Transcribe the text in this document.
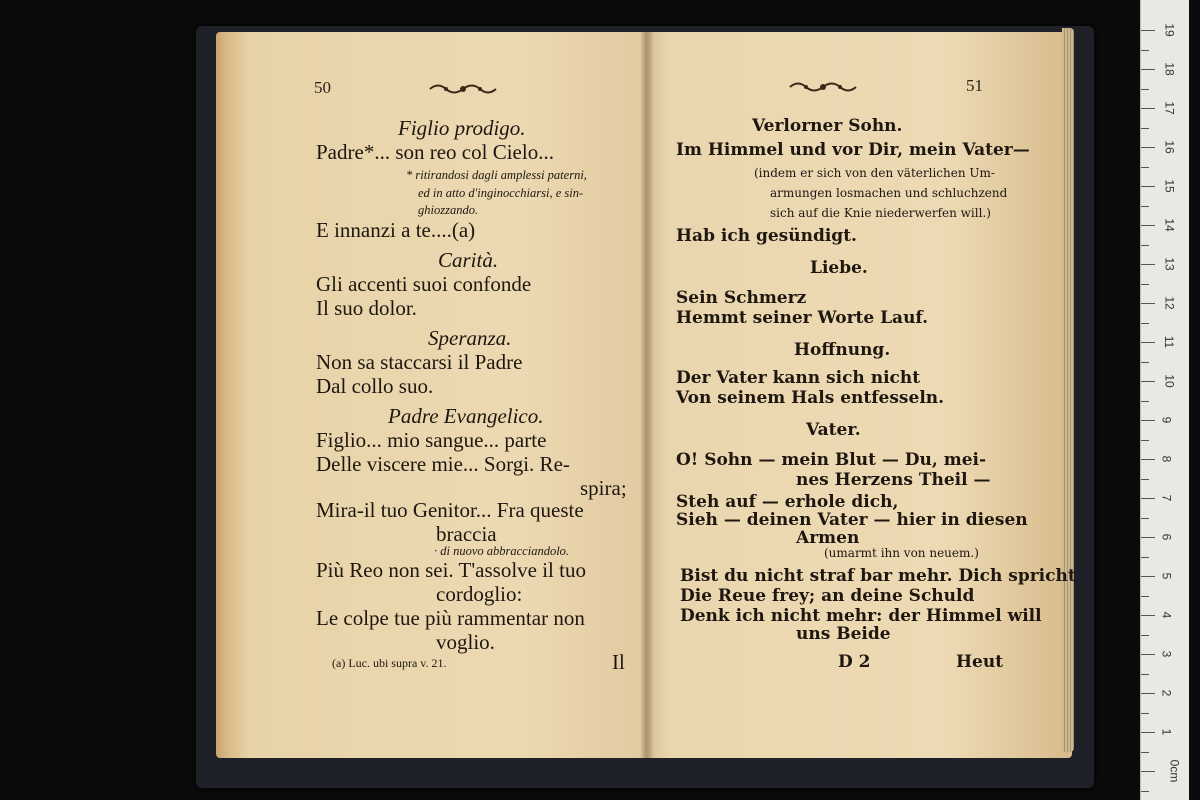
50
Figlio prodigo.
Padre*... son reo col Cielo...
* ritirandosi dagli amplessi paterni,
ed in atto d'inginocchiarsi, e sin-
ghiozzando.
E innanzi a te....(a)
Carità.
Gli accenti suoi confonde
Il suo dolor.
Speranza.
Non sa staccarsi il Padre
Dal collo suo.
Padre Evangelico.
Figlio... mio sangue... parte
Delle viscere mie... Sorgi. Re-
spira;
Mira-il tuo Genitor... Fra queste
braccia
· di nuovo abbracciandolo.
Più Reo non sei. T'assolve il tuo
cordoglio:
Le colpe tue più rammentar non
voglio.
(a) Luc. ubi supra v. 21.	Il
51
Verlorner Sohn.
Im Himmel und vor Dir, mein Vater—
(indem er sich von den väterlichen Um-
armungen losmachen und schluchzend
sich auf die Knie niederwerfen will.)
Hab ich gesündigt.
Liebe.
Sein Schmerz
Hemmt seiner Worte Lauf.
Hoffnung.
Der Vater kann sich nicht
Von seinem Hals entfesseln.
Vater.
O! Sohn — mein Blut — Du, mei-
nes Herzens Theil —
Steh auf — erhole dich,
Sieh — deinen Vater — hier in diesen
Armen
(umarmt ihn von neuem.)
Bist du nicht straf bar mehr. Dich spricht
Die Reue frey; an deine Schuld
Denk ich nicht mehr: der Himmel will
uns Beide
D 2	Heut
19
18
17
16
15
14
13
12
11
10
9
8
7
6
5
4
3
2
1
0cm
